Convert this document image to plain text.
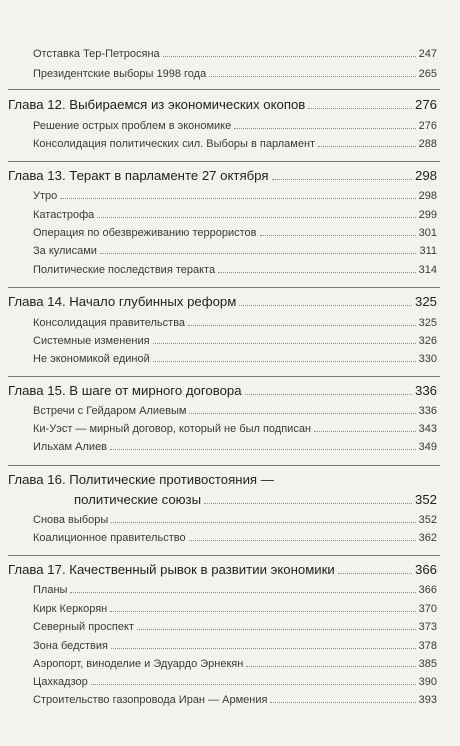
Отставка Тер-Петросяна	247
Президентские выборы 1998 года	265
Глава 12. Выбираемся из экономических окопов	276
Решение острых проблем в экономике	276
Консолидация политических сил. Выборы в парламент	288
Глава 13. Теракт в парламенте 27 октября	298
Утро	298
Катастрофа	299
Операция по обезвреживанию террористов	301
За кулисами	311
Политические последствия теракта	314
Глава 14. Начало глубинных реформ	325
Консолидация правительства	325
Системные изменения	326
Не экономикой единой	330
Глава 15. В шаге от мирного договора	336
Встречи с Гейдаром Алиевым	336
Ки-Уэст — мирный договор, который не был подписан	343
Ильхам Алиев	349
Глава 16. Политические противостояния —
политические союзы	352
Снова выборы	352
Коалиционное правительство	362
Глава 17. Качественный рывок в развитии экономики	366
Планы	366
Кирк Керкорян	370
Северный проспект	373
Зона бедствия	378
Аэропорт, виноделие и Эдуардо Эрнекян	385
Цахкадзор	390
Строительство газопровода Иран — Армения	393
